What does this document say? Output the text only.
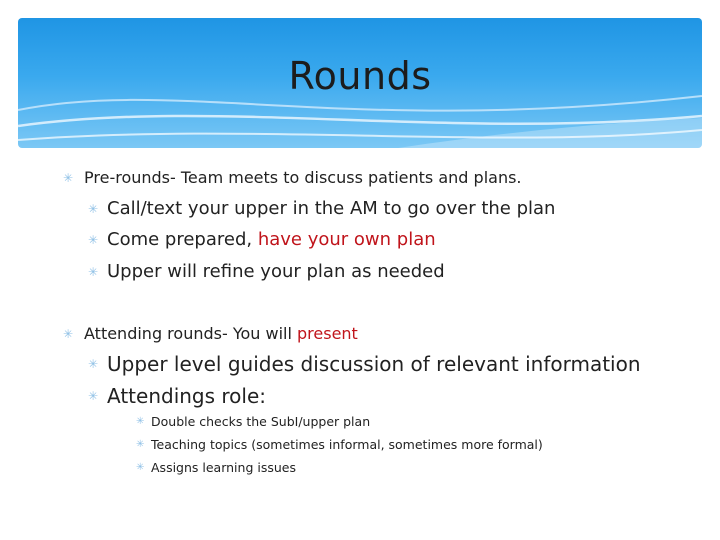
Rounds
✳ Pre-rounds- Team meets to discuss patients and plans.
✳ Call/text your upper in the AM to go over the plan
✳ Come prepared, have your own plan
✳ Upper will refine your plan as needed
✳ Attending rounds- You will present
✳ Upper level guides discussion of relevant information
✳ Attendings role:
✳ Double checks the SubI/upper plan
✳ Teaching topics (sometimes informal, sometimes more formal)
✳ Assigns learning issues
